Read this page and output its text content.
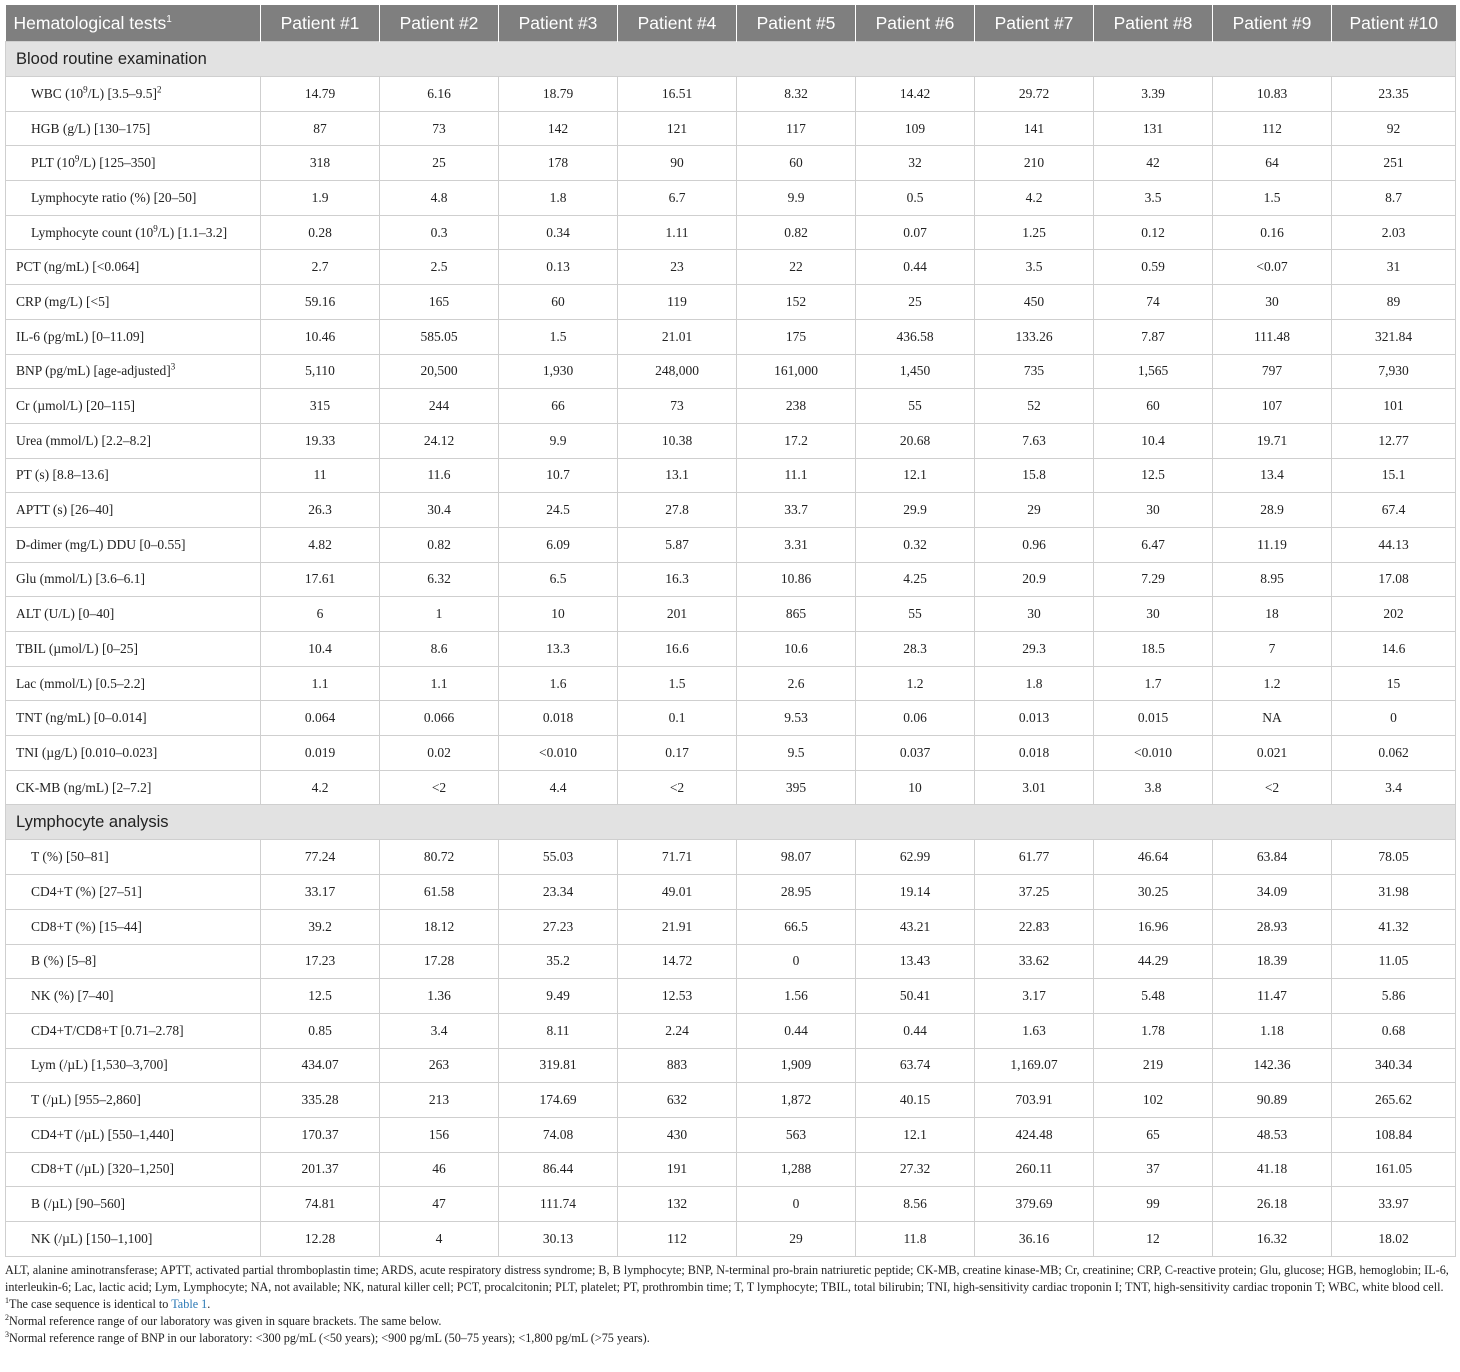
Hematological tests$^1$	Patient #1	Patient #2	Patient #3	Patient #4	Patient #5	Patient #6	Patient #7	Patient #8	Patient #9	Patient #10
Blood routine examination										
WBC $(10^9/L)$ $[3.5-9.5]^2$	14.79	6.16	18.79	16.51	8.32	14.42	29.72	3.39	10.83	23.35
HGB (g/L) [130–175]	87	73	142	121	117	109	141	131	112	92
PLT $(10^9/L)$ [125–350]	318	25	178	90	60	32	210	42	64	251
Lymphocyte ratio (%) [20–50]	1.9	4.8	1.8	6.7	9.9	0.5	4.2	3.5	1.5	8.7
Lymphocyte count $(10^9/L)$ [1.1–3.2]	0.28	0.3	0.34	1.11	0.82	0.07	1.25	0.12	0.16	2.03
PCT (ng/mL) [<0.064]	2.7	2.5	0.13	23	22	0.44	3.5	0.59	<0.07	31
CRP (mg/L) [<5]	59.16	165	60	119	152	25	450	74	30	89
IL-6 (pg/mL) [0–11.09]	10.46	585.05	1.5	21.01	175	436.58	133.26	7.87	111.48	321.84
BNP (pg/mL) [age-adjusted]$^3$	5,110	20,500	1,930	248,000	161,000	1,450	735	1,565	797	7,930
Cr (µmol/L) [20–115]	315	244	66	73	238	55	52	60	107	101
Urea (mmol/L) [2.2–8.2]	19.33	24.12	9.9	10.38	17.2	20.68	7.63	10.4	19.71	12.77
PT (s) [8.8–13.6]	11	11.6	10.7	13.1	11.1	12.1	15.8	12.5	13.4	15.1
APTT (s) [26–40]	26.3	30.4	24.5	27.8	33.7	29.9	29	30	28.9	67.4
D-dimer (mg/L) DDU [0–0.55]	4.82	0.82	6.09	5.87	3.31	0.32	0.96	6.47	11.19	44.13
Glu (mmol/L) [3.6–6.1]	17.61	6.32	6.5	16.3	10.86	4.25	20.9	7.29	8.95	17.08
ALT (U/L) [0–40]	6	1	10	201	865	55	30	30	18	202
TBIL (µmol/L) [0–25]	10.4	8.6	13.3	16.6	10.6	28.3	29.3	18.5	7	14.6
Lac (mmol/L) [0.5–2.2]	1.1	1.1	1.6	1.5	2.6	1.2	1.8	1.7	1.2	15
TNT (ng/mL) [0–0.014]	0.064	0.066	0.018	0.1	9.53	0.06	0.013	0.015	NA	0
TNI (µg/L) [0.010–0.023]	0.019	0.02	<0.010	0.17	9.5	0.037	0.018	<0.010	0.021	0.062
CK-MB (ng/mL) [2–7.2]	4.2	<2	4.4	<2	395	10	3.01	3.8	<2	3.4
Lymphocyte analysis										
T (%) [50–81]	77.24	80.72	55.03	71.71	98.07	62.99	61.77	46.64	63.84	78.05
CD4+T (%) [27–51]	33.17	61.58	23.34	49.01	28.95	19.14	37.25	30.25	34.09	31.98
CD8+T (%) [15–44]	39.2	18.12	27.23	21.91	66.5	43.21	22.83	16.96	28.93	41.32
B (%) [5–8]	17.23	17.28	35.2	14.72	0	13.43	33.62	44.29	18.39	11.05
NK (%) [7–40]	12.5	1.36	9.49	12.53	1.56	50.41	3.17	5.48	11.47	5.86
CD4+T/CD8+T [0.71–2.78]	0.85	3.4	8.11	2.24	0.44	0.44	1.63	1.78	1.18	0.68
Lym (/µL) [1,530–3,700]	434.07	263	319.81	883	1,909	63.74	1,169.07	219	142.36	340.34
T (/µL) [955–2,860]	335.28	213	174.69	632	1,872	40.15	703.91	102	90.89	265.62
CD4+T (/µL) [550–1,440]	170.37	156	74.08	430	563	12.1	424.48	65	48.53	108.84
CD8+T (/µL) [320–1,250]	201.37	46	86.44	191	1,288	27.32	260.11	37	41.18	161.05
B (/µL) [90–560]	74.81	47	111.74	132	0	8.56	379.69	99	26.18	33.97
NK (/µL) [150–1,100]	12.28	4	30.13	112	29	11.8	36.16	12	16.32	18.02
ALT, alanine aminotransferase; APTT, activated partial thromboplastin time; ARDS, acute respiratory distress syndrome; B, B lymphocyte; BNP, N-terminal pro-brain natriuretic peptide; CK-MB, creatine kinase-MB; Cr, creatinine; CRP, C-reactive protein; Glu, glucose; HGB, hemoglobin; IL-6, interleukin-6; Lac, lactic acid; Lym, Lymphocyte; NA, not available; NK, natural killer cell; PCT, procalcitonin; PLT, platelet; PT, prothrombin time; T, T lymphocyte; TBIL, total bilirubin; TNI, high-sensitivity cardiac troponin I; TNT, high-sensitivity cardiac troponin T; WBC, white blood cell.
$^1$The case sequence is identical to Table 1.
$^2$Normal reference range of our laboratory was given in square brackets. The same below.
$^3$Normal reference range of BNP in our laboratory: <300 pg/mL (<50 years); <900 pg/mL (50–75 years); <1,800 pg/mL (>75 years).
